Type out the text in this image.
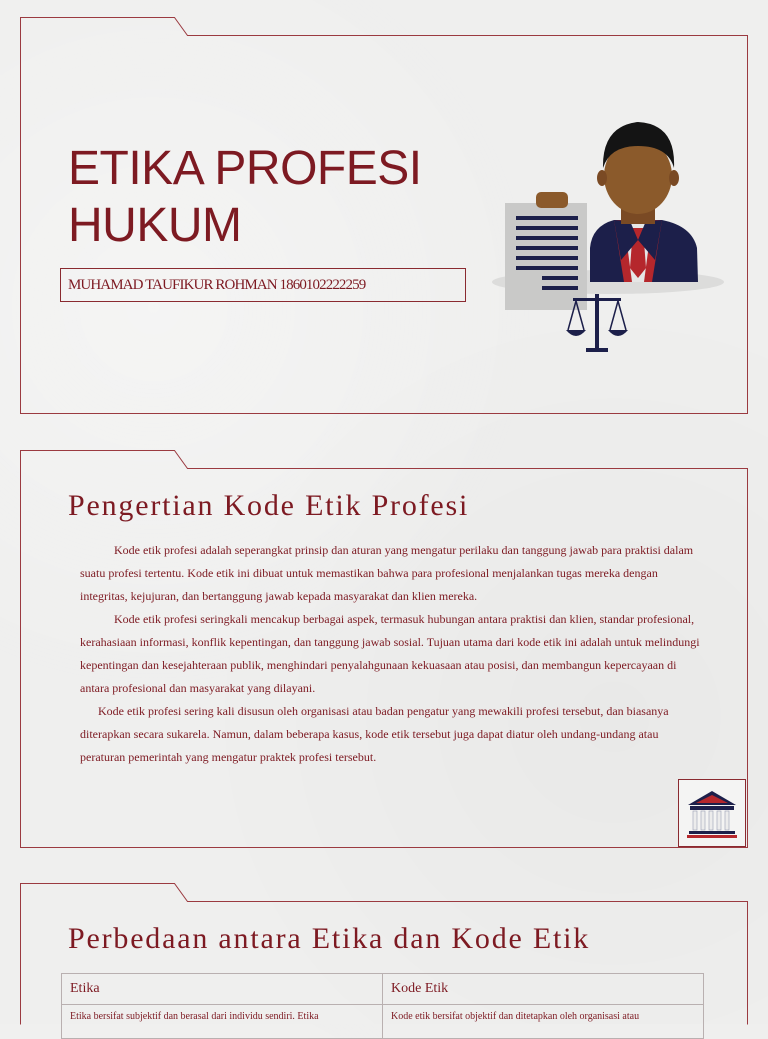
ETIKA PROFESI
HUKUM
MUHAMAD TAUFIKUR ROHMAN 1860102222259
Pengertian Kode Etik Profesi

Kode etik profesi adalah seperangkat prinsip dan aturan yang mengatur perilaku dan tanggung jawab para praktisi dalam suatu profesi tertentu. Kode etik ini dibuat untuk memastikan bahwa para profesional menjalankan tugas mereka dengan integritas, kejujuran, dan bertanggung jawab kepada masyarakat dan klien mereka.

Kode etik profesi seringkali mencakup berbagai aspek, termasuk hubungan antara praktisi dan klien, standar profesional, kerahasiaan informasi, konflik kepentingan, dan tanggung jawab sosial. Tujuan utama dari kode etik ini adalah untuk melindungi kepentingan dan kesejahteraan publik, menghindari penyalahgunaan kekuasaan atau posisi, dan membangun kepercayaan di antara profesional dan masyarakat yang dilayani.

Kode etik profesi sering kali disusun oleh organisasi atau badan pengatur yang mewakili profesi tersebut, dan biasanya diterapkan secara sukarela. Namun, dalam beberapa kasus, kode etik tersebut juga dapat diatur oleh undang-undang atau peraturan pemerintah yang mengatur praktek profesi tersebut.

Perbedaan antara Etika dan Kode Etik
Etika	Kode Etik
Etika bersifat subjektif dan berasal dari individu sendiri. Etika	Kode etik bersifat objektif dan ditetapkan oleh organisasi atau
